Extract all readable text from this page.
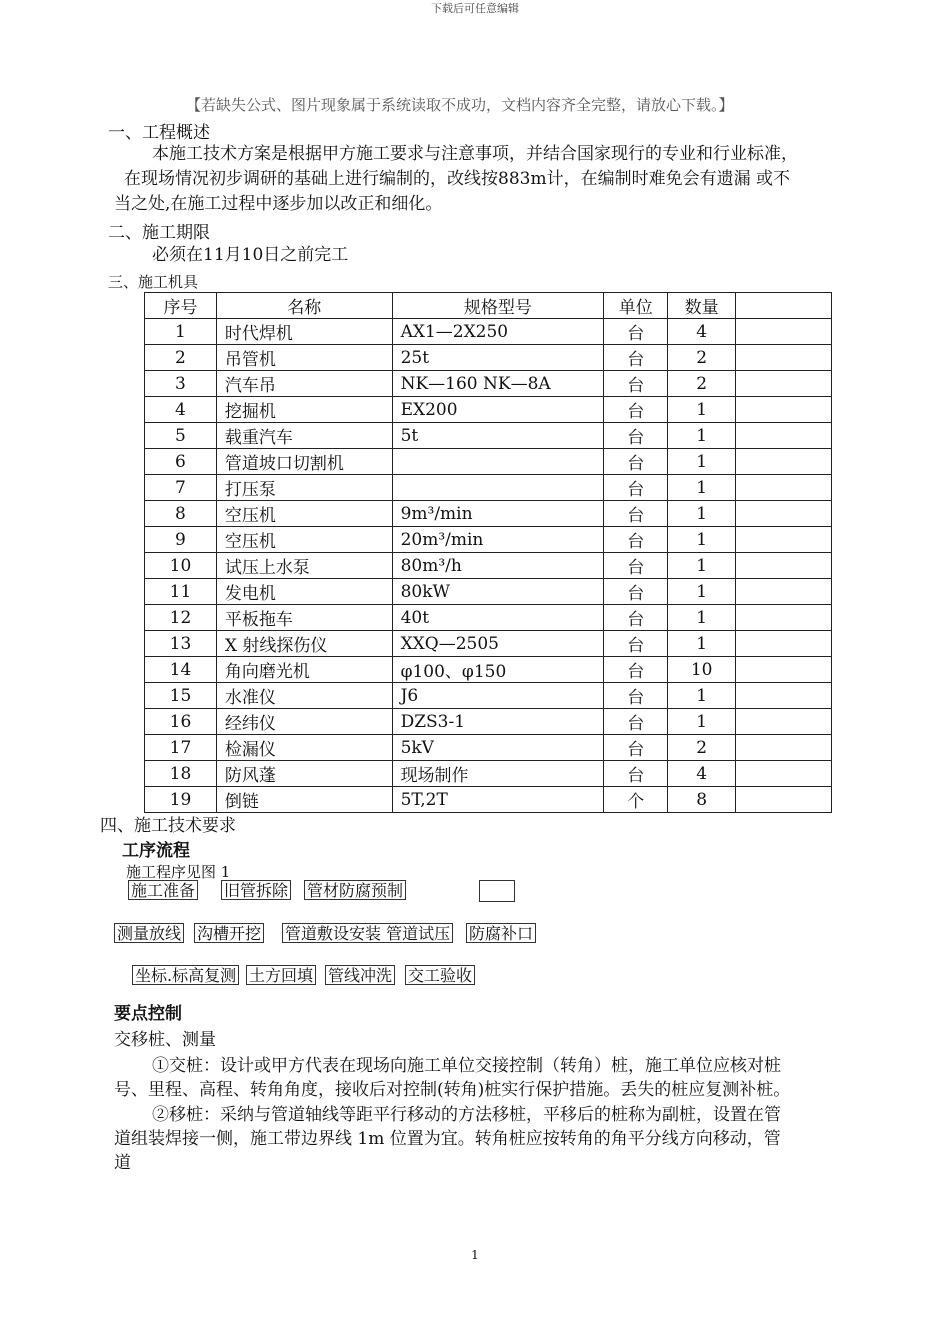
下载后可任意编辑
【若缺失公式、图片现象属于系统读取不成功，文档内容齐全完整，请放心下载。】
一、工程概述
本施工技术方案是根据甲方施工要求与注意事项，并结合国家现行的专业和行业标准，
在现场情况初步调研的基础上进行编制的，改线按883m计，在编制时难免会有遗漏 或不
当之处,在施工过程中逐步加以改正和细化。
二、施工期限
必须在11月10日之前完工
三、施工机具
序号	名称	规格型号	单位	数量	
1	时代焊机	AX1—2X250	台	4	
2	吊管机	25t	台	2	
3	汽车吊	NK—160 NK—8A	台	2	
4	挖掘机	EX200	台	1	
5	载重汽车	5t	台	1	
6	管道坡口切割机		台	1	
7	打压泵		台	1	
8	空压机	9m³/min	台	1	
9	空压机	20m³/min	台	1	
10	试压上水泵	80m³/h	台	1	
11	发电机	80kW	台	1	
12	平板拖车	40t	台	1	
13	X 射线探伤仪	XXQ—2505	台	1	
14	角向磨光机	φ100、φ150	台	10	
15	水准仪	J6	台	1	
16	经纬仪	DZS3-1	台	1	
17	检漏仪	5kV	台	2	
18	防风蓬	现场制作	台	4	
19	倒链	5T,2T	个	8	
四、施工技术要求
工序流程
施工程序见图 1
施工准备 旧管拆除 管材防腐预制
测量放线 沟槽开挖 管道敷设安装 管道试压 防腐补口
坐标.标高复测 土方回填 管线冲洗 交工验收
要点控制
交移桩、测量
①交桩：设计或甲方代表在现场向施工单位交接控制（转角）桩，施工单位应核对桩
号、里程、高程、转角角度，接收后对控制(转角)桩实行保护措施。丢失的桩应复测补桩。
②移桩：采纳与管道轴线等距平行移动的方法移桩，平移后的桩称为副桩，设置在管
道组装焊接一侧，施工带边界线 1m 位置为宜。转角桩应按转角的角平分线方向移动，管
道
1
